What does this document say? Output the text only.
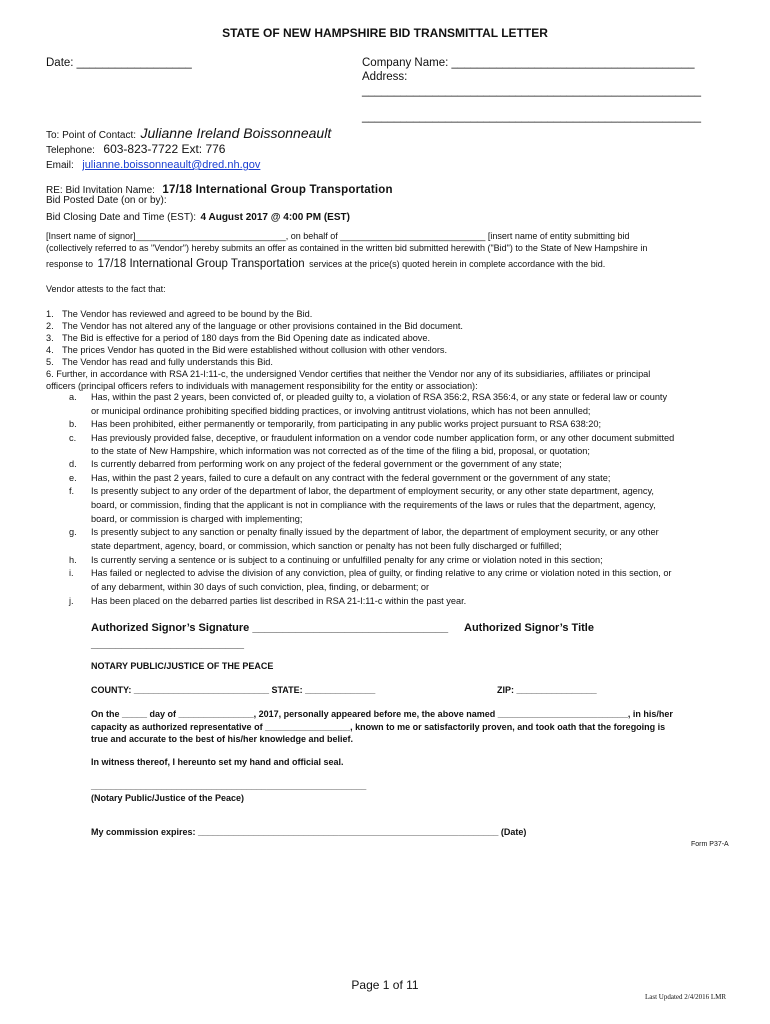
STATE OF NEW HAMPSHIRE BID TRANSMITTAL LETTER
Date: __________________	Company Name: ______________________________________
Address:
_____________________________________________________
_____________________________________________________
To: Point of Contact: Julianne Ireland Boissonneault
Telephone: 603-823-7722 Ext: 776
Email: julianne.boissonneault@dred.nh.gov
RE: Bid Invitation Name: 17/18 International Group Transportation
Bid Posted Date (on or by):
Bid Closing Date and Time (EST): 4 August 2017 @ 4:00 PM (EST)
[Insert name of signor]______________________________, on behalf of _____________________________ [insert name of entity submitting bid
(collectively referred to as "Vendor") hereby submits an offer as contained in the written bid submitted herewith ("Bid") to the State of New Hampshire in
response to 17/18 International Group Transportation services at the price(s) quoted herein in complete accordance with the bid.
Vendor attests to the fact that:
1. The Vendor has reviewed and agreed to be bound by the Bid.
2. The Vendor has not altered any of the language or other provisions contained in the Bid document.
3. The Bid is effective for a period of 180 days from the Bid Opening date as indicated above.
4. The prices Vendor has quoted in the Bid were established without collusion with other vendors.
5. The Vendor has read and fully understands this Bid.
6. Further, in accordance with RSA 21-I:11-c, the undersigned Vendor certifies that neither the Vendor nor any of its subsidiaries, affiliates or principal
officers (principal officers refers to individuals with management responsibility for the entity or association):
a. Has, within the past 2 years, been convicted of, or pleaded guilty to, a violation of RSA 356:2, RSA 356:4, or any state or federal law or county
or municipal ordinance prohibiting specified bidding practices, or involving antitrust violations, which has not been annulled;
b. Has been prohibited, either permanently or temporarily, from participating in any public works project pursuant to RSA 638:20;
c. Has previously provided false, deceptive, or fraudulent information on a vendor code number application form, or any other document submitted
to the state of New Hampshire, which information was not corrected as of the time of the filing a bid, proposal, or quotation;
d. Is currently debarred from performing work on any project of the federal government or the government of any state;
e. Has, within the past 2 years, failed to cure a default on any contract with the federal government or the government of any state;
f. Is presently subject to any order of the department of labor, the department of employment security, or any other state department, agency,
board, or commission, finding that the applicant is not in compliance with the requirements of the laws or rules that the department, agency,
board, or commission is charged with implementing;
g. Is presently subject to any sanction or penalty finally issued by the department of labor, the department of employment security, or any other
state department, agency, board, or commission, which sanction or penalty has not been fully discharged or fulfilled;
h. Is currently serving a sentence or is subject to a continuing or unfulfilled penalty for any crime or violation noted in this section;
i. Has failed or neglected to advise the division of any conviction, plea of guilty, or finding relative to any crime or violation noted in this section, or
of any debarment, within 30 days of such conviction, plea, finding, or debarment; or
j. Has been placed on the debarred parties list described in RSA 21-I:11-c within the past year.
Authorized Signor’s Signature ________________________________
_________________________
Authorized Signor’s Title
NOTARY PUBLIC/JUSTICE OF THE PEACE
COUNTY: ___________________________ STATE: ______________	ZIP: ________________
On the _____ day of _______________, 2017, personally appeared before me, the above named __________________________, in his/her
capacity as authorized representative of _________________, known to me or satisfactorily proven, and took oath that the foregoing is
true and accurate to the best of his/her knowledge and belief.
In witness thereof, I hereunto set my hand and official seal.
_______________________________________________________
(Notary Public/Justice of the Peace)
My commission expires: ____________________________________________________________ (Date)
Form P37-A
Page 1 of 11
Last Updated 2/4/2016 LMR
